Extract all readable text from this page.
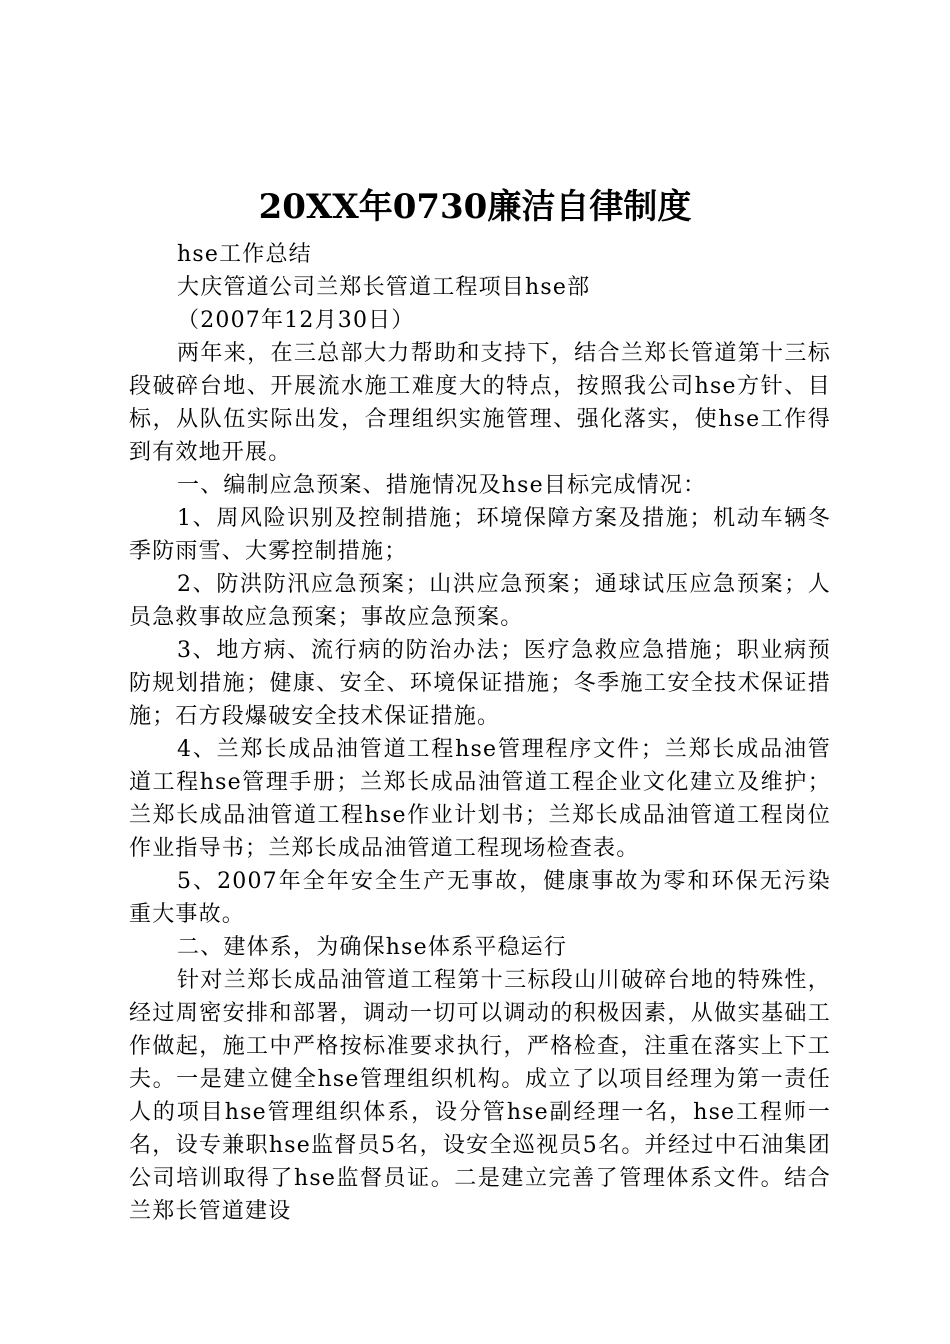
20XX年0730廉洁自律制度

hse工作总结

大庆管道公司兰郑长管道工程项目hse部

（2007年12月30日）

两年来，在三总部大力帮助和支持下，结合兰郑长管道第十三标段破碎台地、开展流水施工难度大的特点，按照我公司hse方针、目标，从队伍实际出发，合理组织实施管理、强化落实，使hse工作得到有效地开展。

一、编制应急预案、措施情况及hse目标完成情况：

1、周风险识别及控制措施；环境保障方案及措施；机动车辆冬季防雨雪、大雾控制措施；

2、防洪防汛应急预案；山洪应急预案；通球试压应急预案；人员急救事故应急预案；事故应急预案。

3、地方病、流行病的防治办法；医疗急救应急措施；职业病预防规划措施；健康、安全、环境保证措施；冬季施工安全技术保证措施；石方段爆破安全技术保证措施。

4、兰郑长成品油管道工程hse管理程序文件；兰郑长成品油管道工程hse管理手册；兰郑长成品油管道工程企业文化建立及维护；兰郑长成品油管道工程hse作业计划书；兰郑长成品油管道工程岗位作业指导书；兰郑长成品油管道工程现场检查表。

5、2007年全年安全生产无事故，健康事故为零和环保无污染重大事故。

二、建体系，为确保hse体系平稳运行

针对兰郑长成品油管道工程第十三标段山川破碎台地的特殊性，经过周密安排和部署，调动一切可以调动的积极因素，从做实基础工作做起，施工中严格按标准要求执行，严格检查，注重在落实上下工夫。一是建立健全hse管理组织机构。成立了以项目经理为第一责任人的项目hse管理组织体系，设分管hse副经理一名，hse工程师一名，设专兼职hse监督员5名，设安全巡视员5名。并经过中石油集团公司培训取得了hse监督员证。二是建立完善了管理体系文件。结合兰郑长管道建设
